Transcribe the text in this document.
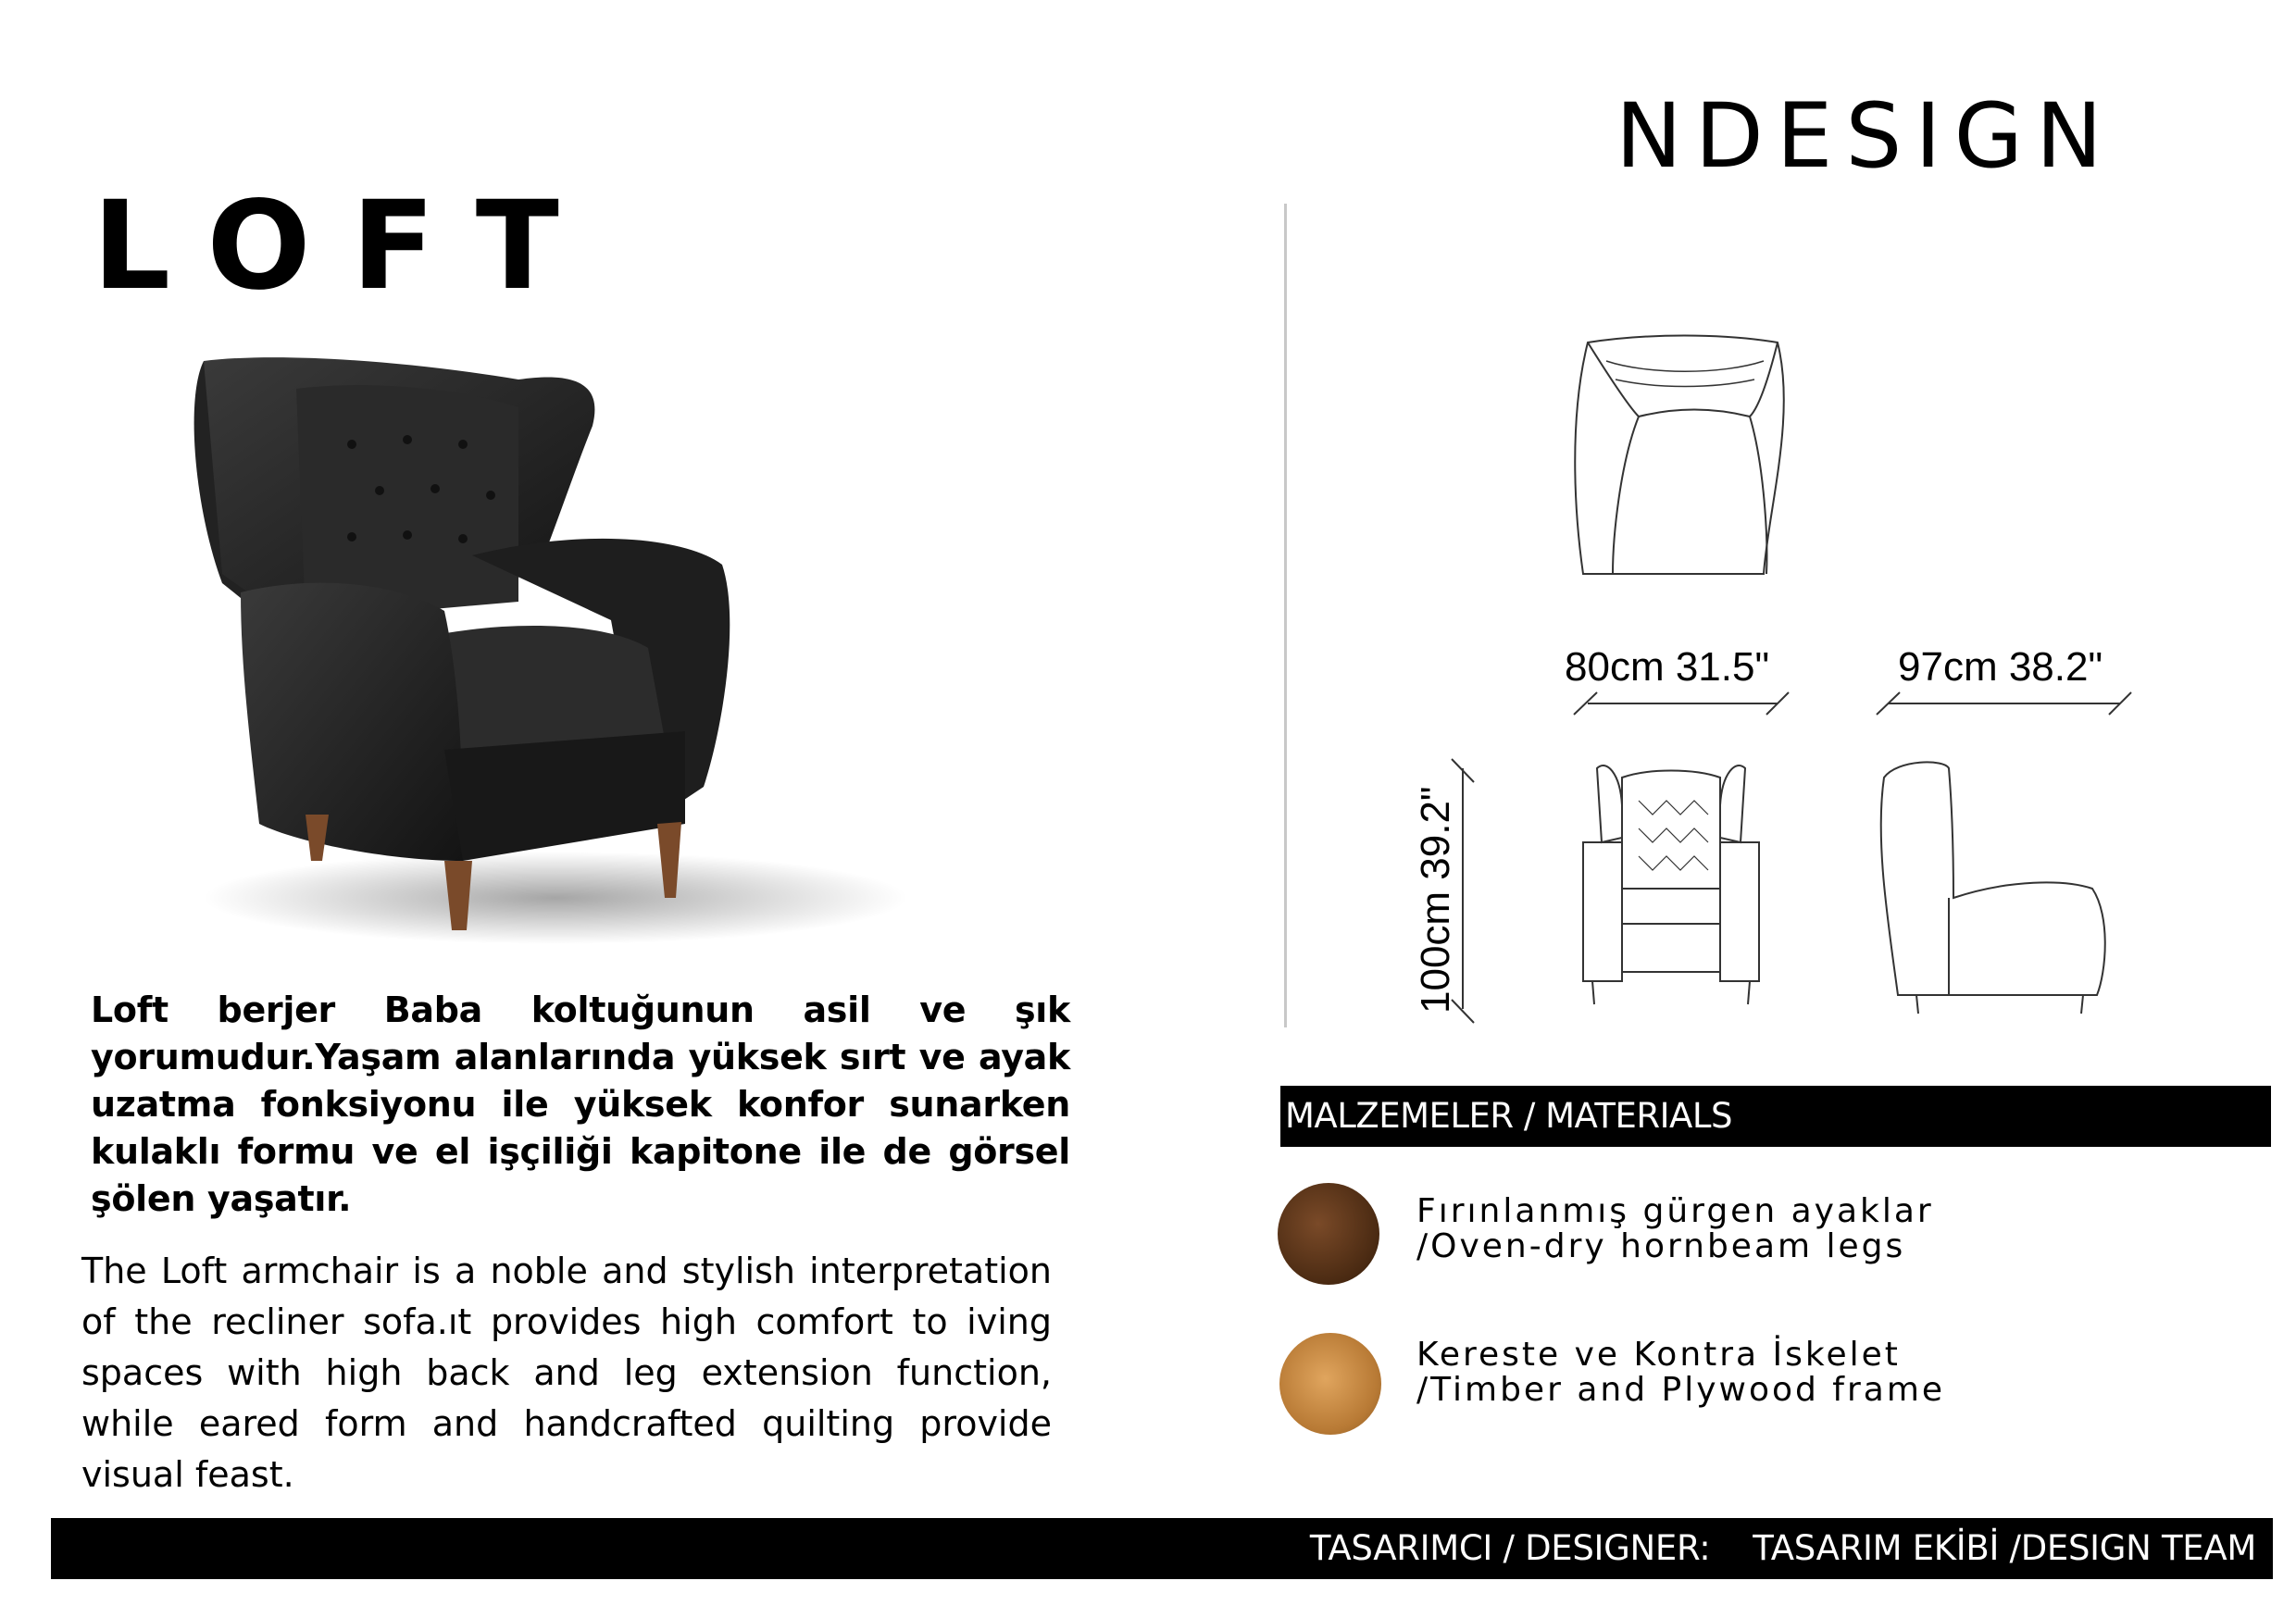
NDESIGN
LOFT
Loft berjer Baba koltuğunun asil ve şık yorumudur.Yaşam alanlarında yüksek sırt ve ayak uzatma fonksiyonu ile yüksek konfor sunarken kulaklı formu ve el işçiliği kapitone ile de görsel şölen yaşatır.
The Loft armchair is a noble and stylish interpretation of the recliner sofa.ıt provides high comfort to iving spaces with high back and leg extension function, while eared form and handcrafted quilting provide visual feast.
80cm 31.5"	97cm 38.2"
100cm 39.2"
MALZEMELER / MATERIALS
Fırınlanmış gürgen ayaklar
/Oven-dry hornbeam legs
Kereste ve Kontra İskelet
/Timber and Plywood frame
TASARIMCI / DESIGNER: TASARIM EKİBİ /DESIGN TEAM
